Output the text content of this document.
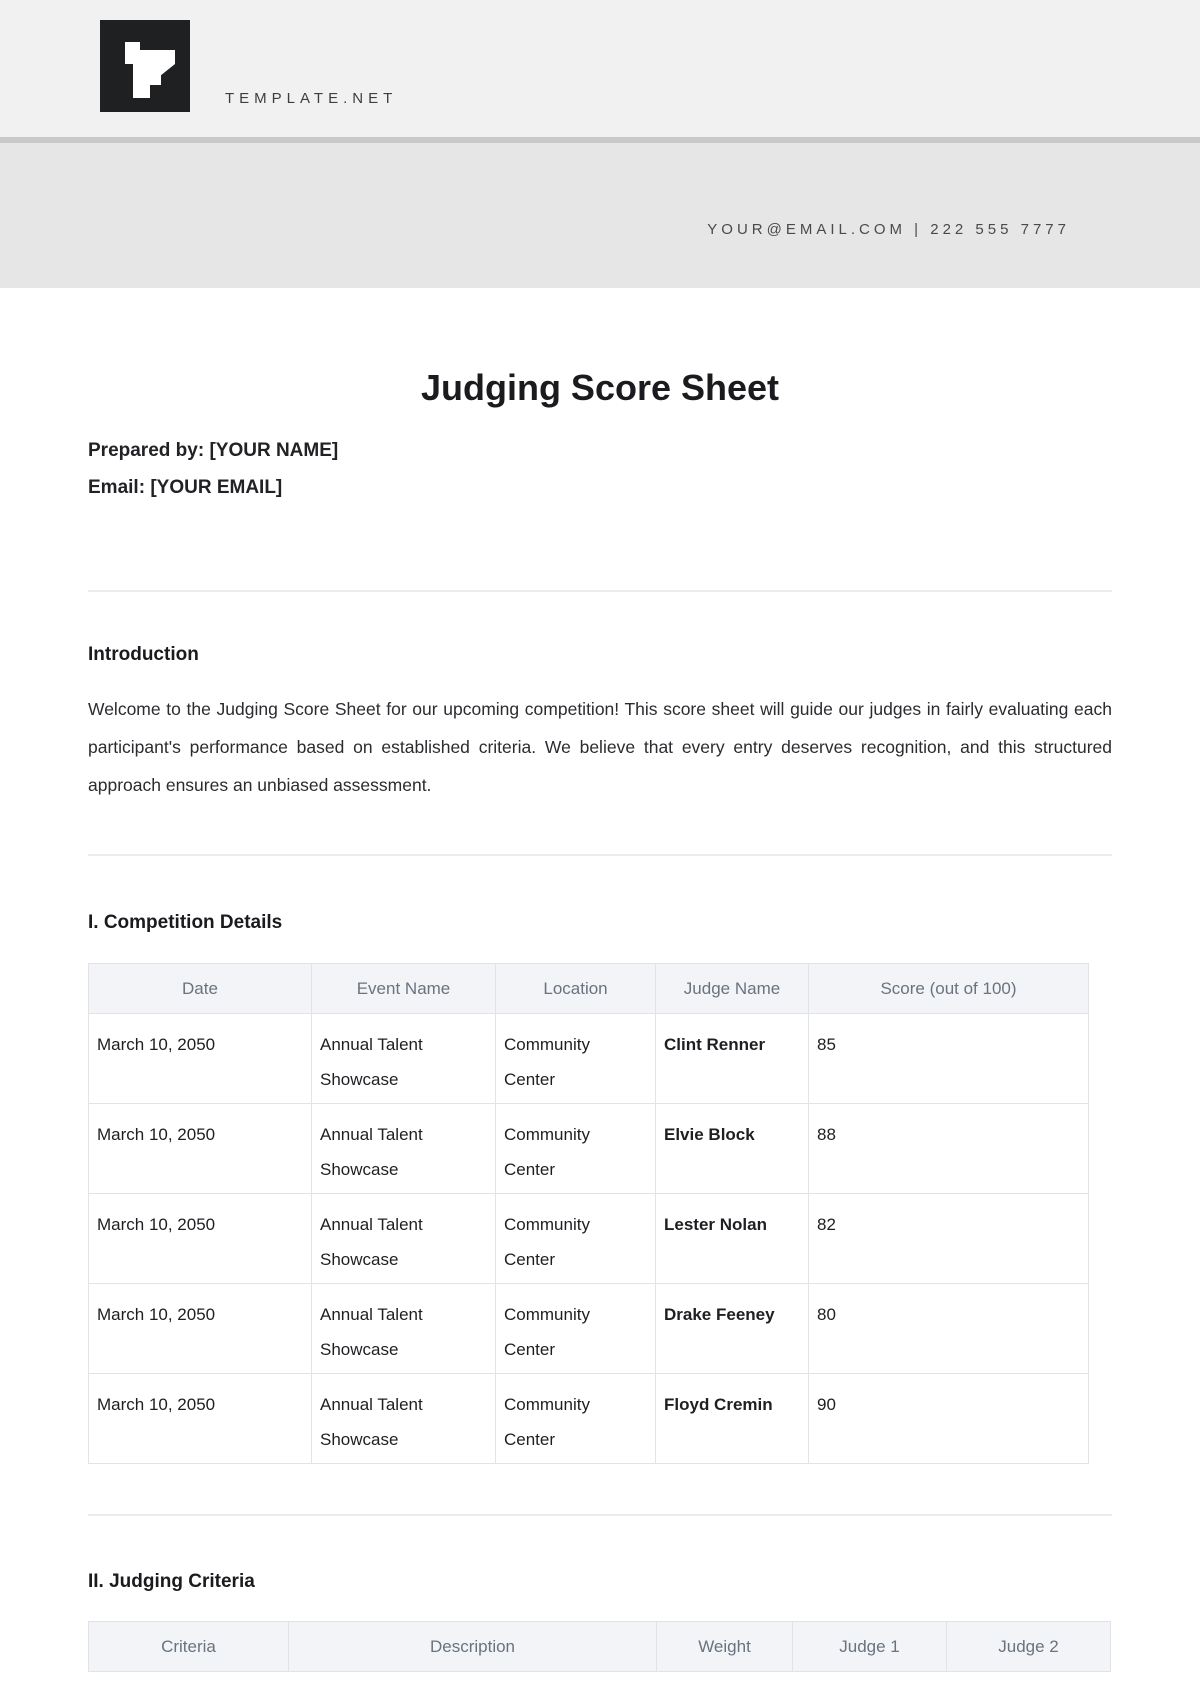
TEMPLATE.NET
YOUR@EMAIL.COM | 222 555 7777
Judging Score Sheet
Prepared by: [YOUR NAME]
Email: [YOUR EMAIL]
Introduction

Welcome to the Judging Score Sheet for our upcoming competition! This score sheet will guide our judges in fairly evaluating each participant's performance based on established criteria. We believe that every entry deserves recognition, and this structured approach ensures an unbiased assessment.

I. Competition Details
Date	Event Name	Location	Judge Name	Score (out of 100)
March 10, 2050	Annual Talent Showcase	Community Center	Clint Renner	85
March 10, 2050	Annual Talent Showcase	Community Center	Elvie Block	88
March 10, 2050	Annual Talent Showcase	Community Center	Lester Nolan	82
March 10, 2050	Annual Talent Showcase	Community Center	Drake Feeney	80
March 10, 2050	Annual Talent Showcase	Community Center	Floyd Cremin	90
II. Judging Criteria
Criteria	Description	Weight	Judge 1	Judge 2
